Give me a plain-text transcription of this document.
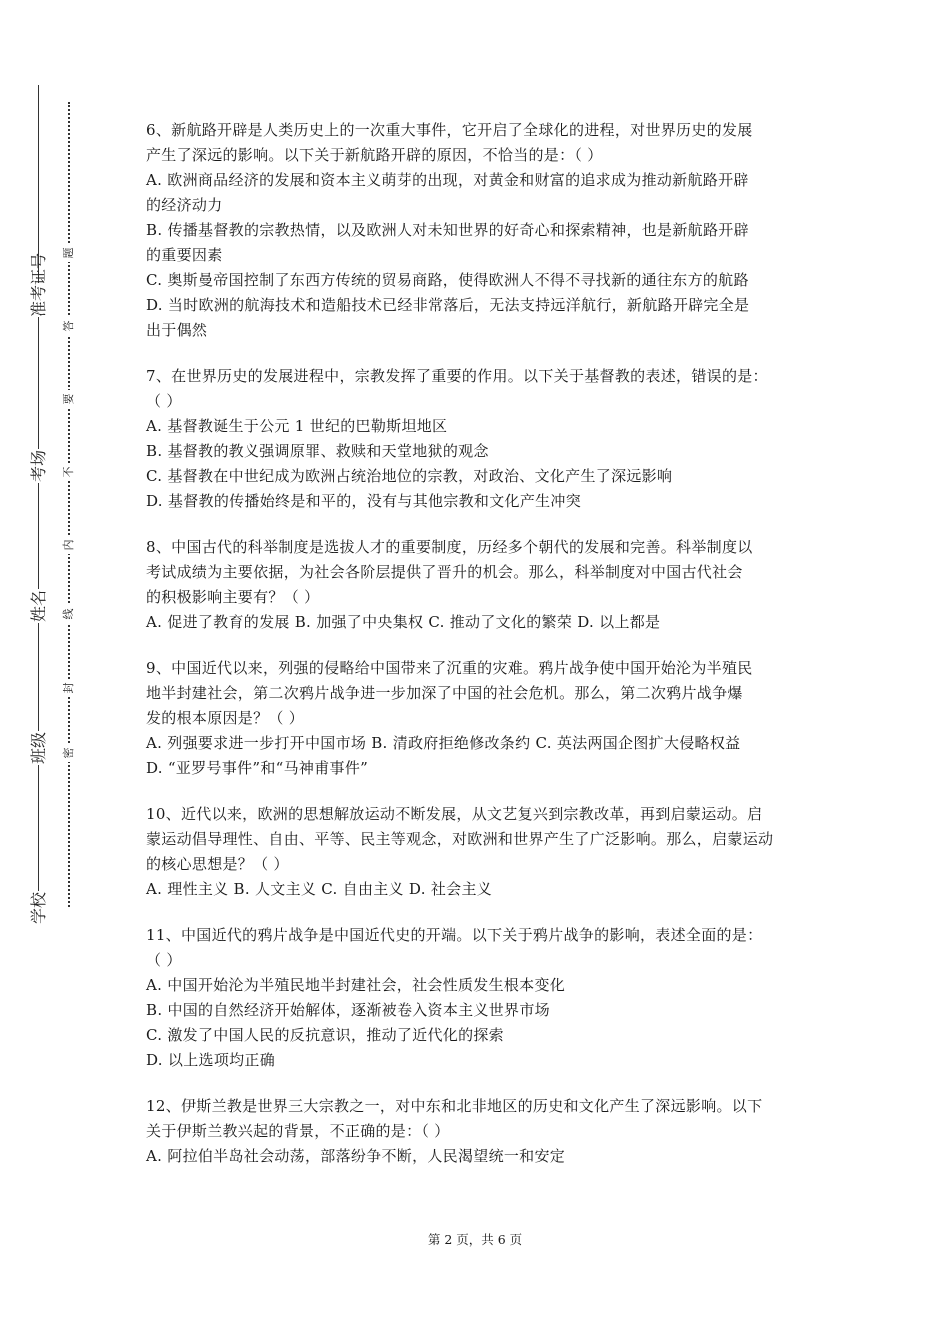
准考证号
考场
姓名
班级
学校
题
答
要
不
内
线
封
密
6、新航路开辟是人类历史上的一次重大事件，它开启了全球化的进程，对世界历史的发展
产生了深远的影响。以下关于新航路开辟的原因，不恰当的是：（ ）
A. 欧洲商品经济的发展和资本主义萌芽的出现，对黄金和财富的追求成为推动新航路开辟
的经济动力
B. 传播基督教的宗教热情，以及欧洲人对未知世界的好奇心和探索精神，也是新航路开辟
的重要因素
C. 奥斯曼帝国控制了东西方传统的贸易商路，使得欧洲人不得不寻找新的通往东方的航路
D. 当时欧洲的航海技术和造船技术已经非常落后，无法支持远洋航行，新航路开辟完全是
出于偶然
7、在世界历史的发展进程中，宗教发挥了重要的作用。以下关于基督教的表述，错误的是：
（ ）
A. 基督教诞生于公元 1 世纪的巴勒斯坦地区
B. 基督教的教义强调原罪、救赎和天堂地狱的观念
C. 基督教在中世纪成为欧洲占统治地位的宗教，对政治、文化产生了深远影响
D. 基督教的传播始终是和平的，没有与其他宗教和文化产生冲突
8、中国古代的科举制度是选拔人才的重要制度，历经多个朝代的发展和完善。科举制度以
考试成绩为主要依据，为社会各阶层提供了晋升的机会。那么，科举制度对中国古代社会
的积极影响主要有？（ ）
A. 促进了教育的发展 B. 加强了中央集权 C. 推动了文化的繁荣 D. 以上都是
9、中国近代以来，列强的侵略给中国带来了沉重的灾难。鸦片战争使中国开始沦为半殖民
地半封建社会，第二次鸦片战争进一步加深了中国的社会危机。那么，第二次鸦片战争爆
发的根本原因是？（ ）
A. 列强要求进一步打开中国市场 B. 清政府拒绝修改条约 C. 英法两国企图扩大侵略权益
D. “亚罗号事件”和“马神甫事件”
10、近代以来，欧洲的思想解放运动不断发展，从文艺复兴到宗教改革，再到启蒙运动。启
蒙运动倡导理性、自由、平等、民主等观念，对欧洲和世界产生了广泛影响。那么，启蒙运动
的核心思想是？（ ）
A. 理性主义 B. 人文主义 C. 自由主义 D. 社会主义
11、中国近代的鸦片战争是中国近代史的开端。以下关于鸦片战争的影响，表述全面的是：
（ ）
A. 中国开始沦为半殖民地半封建社会，社会性质发生根本变化
B. 中国的自然经济开始解体，逐渐被卷入资本主义世界市场
C. 激发了中国人民的反抗意识，推动了近代化的探索
D. 以上选项均正确
12、伊斯兰教是世界三大宗教之一，对中东和北非地区的历史和文化产生了深远影响。以下
关于伊斯兰教兴起的背景，不正确的是：（ ）
A. 阿拉伯半岛社会动荡，部落纷争不断，人民渴望统一和安定
第 2 页，共 6 页
